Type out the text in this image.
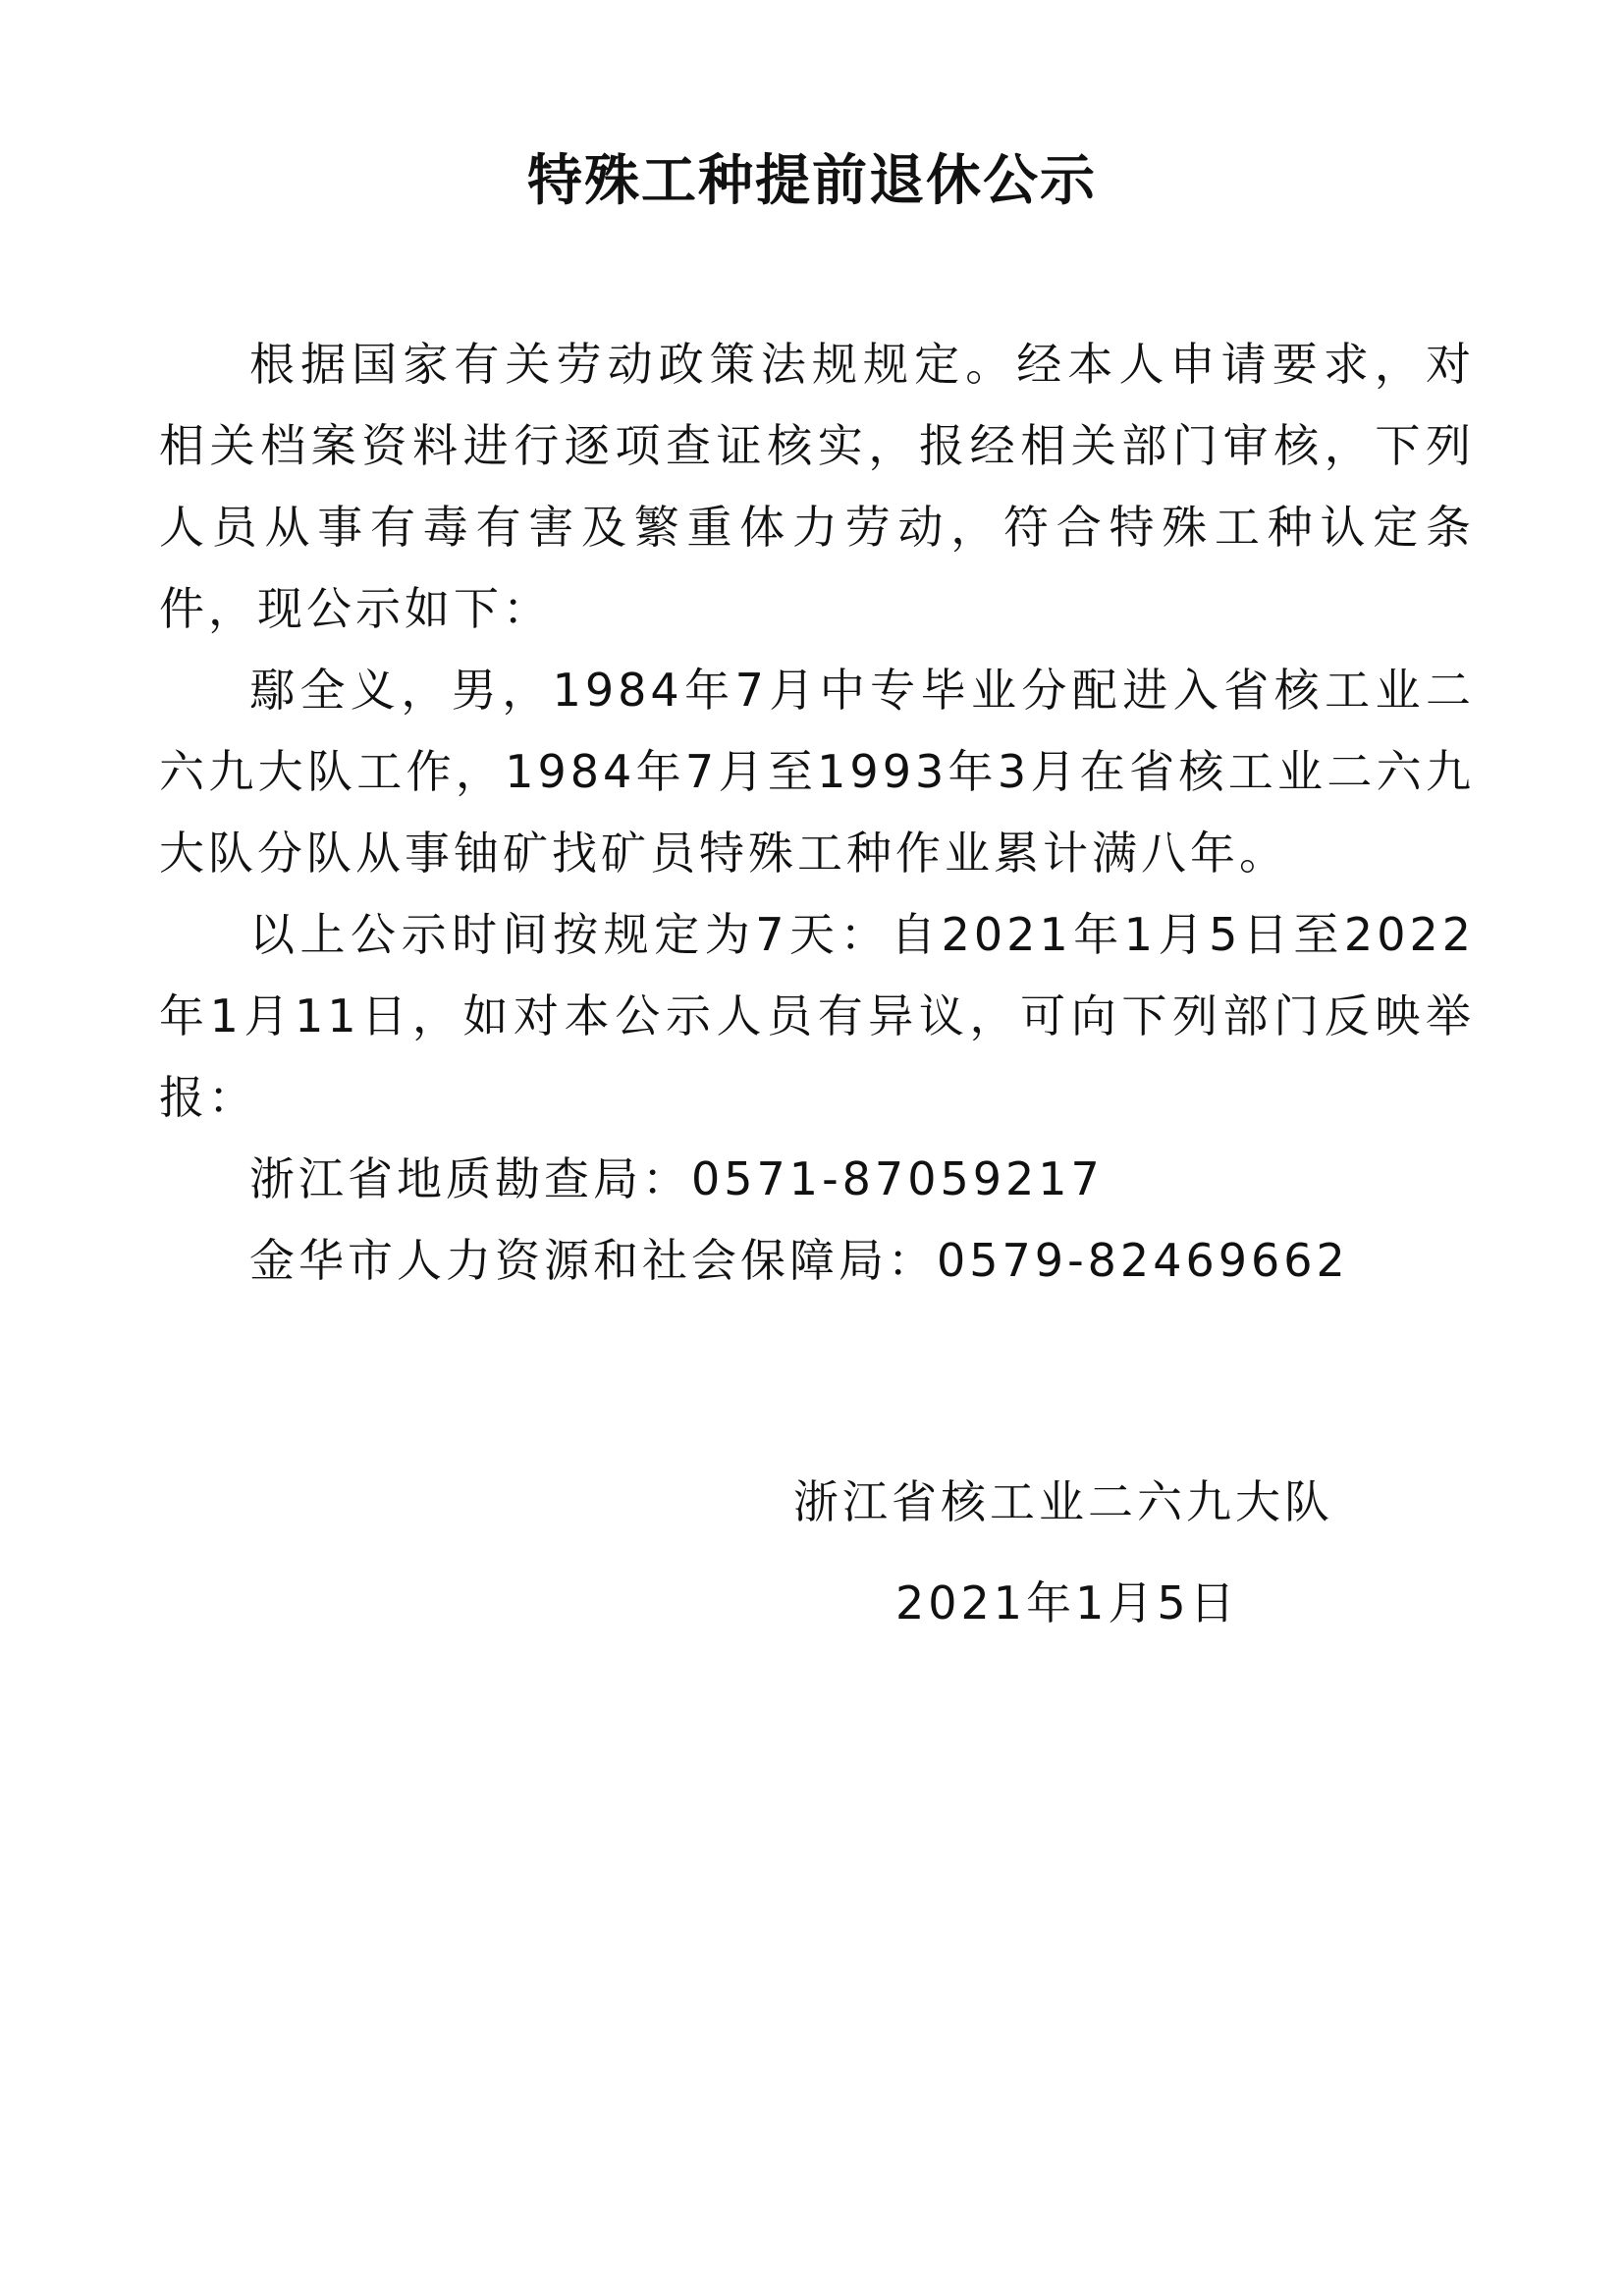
特殊工种提前退休公示

根据国家有关劳动政策法规规定。经本人申请要求，对相关档案资料进行逐项查证核实，报经相关部门审核，下列人员从事有毒有害及繁重体力劳动，符合特殊工种认定条件，现公示如下：

鄢全义，男，1984年7月中专毕业分配进入省核工业二六九大队工作，1984年7月至1993年3月在省核工业二六九大队分队从事铀矿找矿员特殊工种作业累计满八年。

以上公示时间按规定为7天：自2021年1月5日至2022年1月11日，如对本公示人员有异议，可向下列部门反映举报：

浙江省地质勘查局：0571-87059217

金华市人力资源和社会保障局：0579-82469662

浙江省核工业二六九大队
2021年1月5日
